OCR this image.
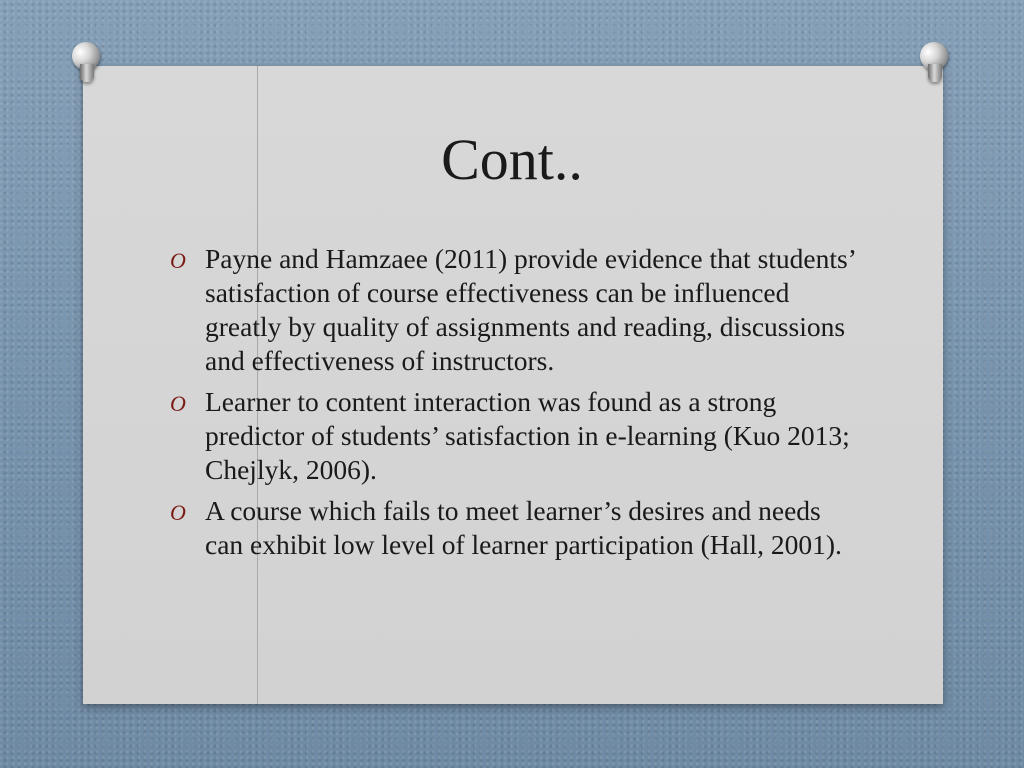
Cont..
O Payne and Hamzaee (2011) provide evidence that students’ satisfaction of course effectiveness can be influenced greatly by quality of assignments and reading, discussions and effectiveness of instructors.
O Learner to content interaction was found as a strong predictor of students’ satisfaction in e-learning (Kuo 2013; Chejlyk, 2006).
O A course which fails to meet learner’s desires and needs can exhibit low level of learner participation (Hall, 2001).
